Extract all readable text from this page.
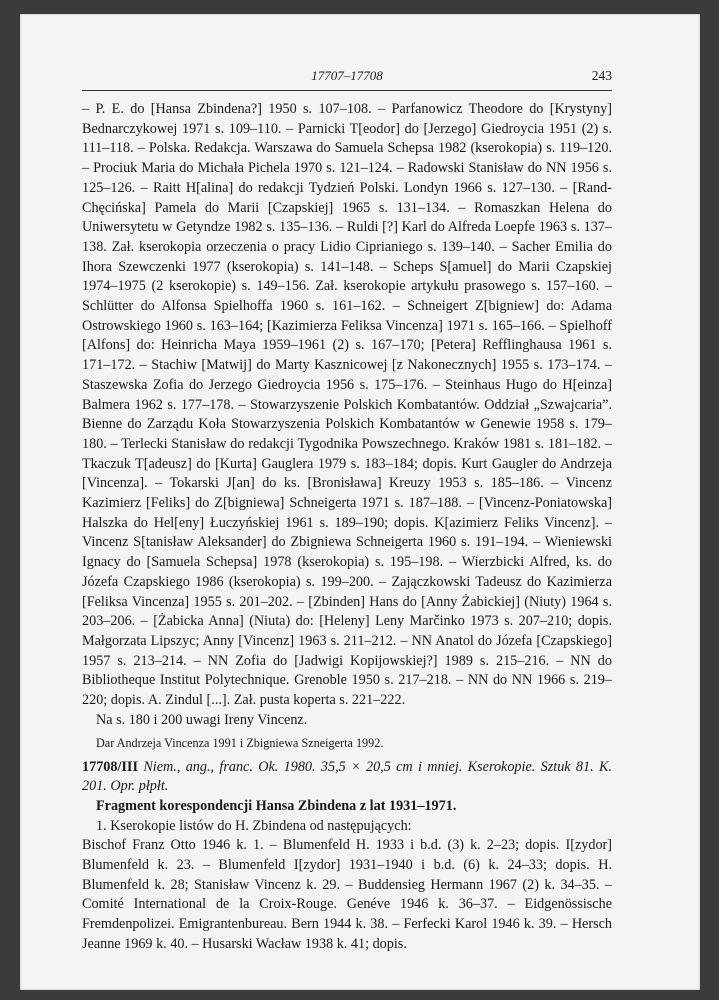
17707–17708	243

– P. E. do [Hansa Zbindena?] 1950 s. 107–108. – Parfanowicz Theodore do [Krystyny] Bednarczykowej 1971 s. 109–110. – Parnicki T[eodor] do [Jerzego] Giedroycia 1951 (2) s. 111–118. – Polska. Redakcja. Warszawa do Samuela Schepsa 1982 (kserokopia) s. 119–120. – Prociuk Maria do Michała Pichela 1970 s. 121–124. – Radowski Stanisław do NN 1956 s. 125–126. – Raitt H[alina] do redakcji Tydzień Polski. Londyn 1966 s. 127–130. – [Rand-Chęcińska] Pamela do Marii [Czapskiej] 1965 s. 131–134. – Romaszkan Helena do Uniwersytetu w Getyndze 1982 s. 135–136. – Ruldi [?] Karl do Alfreda Loepfe 1963 s. 137–138. Zał. kserokopia orzeczenia o pracy Lidio Ciprianiego s. 139–140. – Sacher Emilia do Ihora Szewczenki 1977 (kserokopia) s. 141–148. – Scheps S[amuel] do Marii Czapskiej 1974–1975 (2 kserokopie) s. 149–156. Zał. kserokopie artykułu prasowego s. 157–160. – Schlütter do Alfonsa Spielhoffa 1960 s. 161–162. – Schneigert Z[bigniew] do: Adama Ostrowskiego 1960 s. 163–164; [Kazimierza Feliksa Vincenza] 1971 s. 165–166. – Spielhoff [Alfons] do: Heinricha Maya 1959–1961 (2) s. 167–170; [Petera] Refflinghausa 1961 s. 171–172. – Stachiw [Matwij] do Marty Kasznicowej [z Nakonecznych] 1955 s. 173–174. – Staszewska Zofia do Jerzego Giedroycia 1956 s. 175–176. – Steinhaus Hugo do H[einza] Balmera 1962 s. 177–178. – Stowarzyszenie Polskich Kombatantów. Oddział „Szwajcaria”. Bienne do Zarządu Koła Stowarzyszenia Polskich Kombatantów w Genewie 1958 s. 179–180. – Terlecki Stanisław do redakcji Tygodnika Powszechnego. Kraków 1981 s. 181–182. – Tkaczuk T[adeusz] do [Kurta] Gauglera 1979 s. 183–184; dopis. Kurt Gaugler do Andrzeja [Vincenza]. – Tokarski J[an] do ks. [Bronisława] Kreuzy 1953 s. 185–186. – Vincenz Kazimierz [Feliks] do Z[bigniewa] Schneigerta 1971 s. 187–188. – [Vincenz-Poniatowska] Halszka do Hel[eny] Łuczyńskiej 1961 s. 189–190; dopis. K[azimierz Feliks Vincenz]. – Vincenz S[tanisław Aleksander] do Zbigniewa Schneigerta 1960 s. 191–194. – Wieniewski Ignacy do [Samuela Schepsa] 1978 (kserokopia) s. 195–198. – Wierzbicki Alfred, ks. do Józefa Czapskiego 1986 (kserokopia) s. 199–200. – Zajączkowski Tadeusz do Kazimierza [Feliksa Vincenza] 1955 s. 201–202. – [Zbinden] Hans do [Anny Żabickiej] (Niuty) 1964 s. 203–206. – [Żabicka Anna] (Niuta) do: [Heleny] Leny Marčinko 1973 s. 207–210; dopis. Małgorzata Lipszyc; Anny [Vincenz] 1963 s. 211–212. – NN Anatol do Józefa [Czapskiego] 1957 s. 213–214. – NN Zofia do [Jadwigi Kopijowskiej?] 1989 s. 215–216. – NN do Bibliotheque Institut Polytechnique. Grenoble 1950 s. 217–218. – NN do NN 1966 s. 219–220; dopis. A. Zindul [...]. Zał. pusta koperta s. 221–222.

Na s. 180 i 200 uwagi Ireny Vincenz.

Dar Andrzeja Vincenza 1991 i Zbigniewa Szneigerta 1992.

17708/III Niem., ang., franc. Ok. 1980. 35,5 × 20,5 cm i mniej. Kserokopie. Sztuk 81. K. 201. Opr. płpłt.

Fragment korespondencji Hansa Zbindena z lat 1931–1971.

1. Kserokopie listów do H. Zbindena od następujących:

Bischof Franz Otto 1946 k. 1. – Blumenfeld H. 1933 i b.d. (3) k. 2–23; dopis. I[zydor] Blumenfeld k. 23. – Blumenfeld I[zydor] 1931–1940 i b.d. (6) k. 24–33; dopis. H. Blumenfeld k. 28; Stanisław Vincenz k. 29. – Buddensieg Hermann 1967 (2) k. 34–35. – Comité International de la Croix-Rouge. Genéve 1946 k. 36–37. – Eidgenössische Fremdenpolizei. Emigrantenbureau. Bern 1944 k. 38. – Ferfecki Karol 1946 k. 39. – Hersch Jeanne 1969 k. 40. – Husarski Wacław 1938 k. 41; dopis.
